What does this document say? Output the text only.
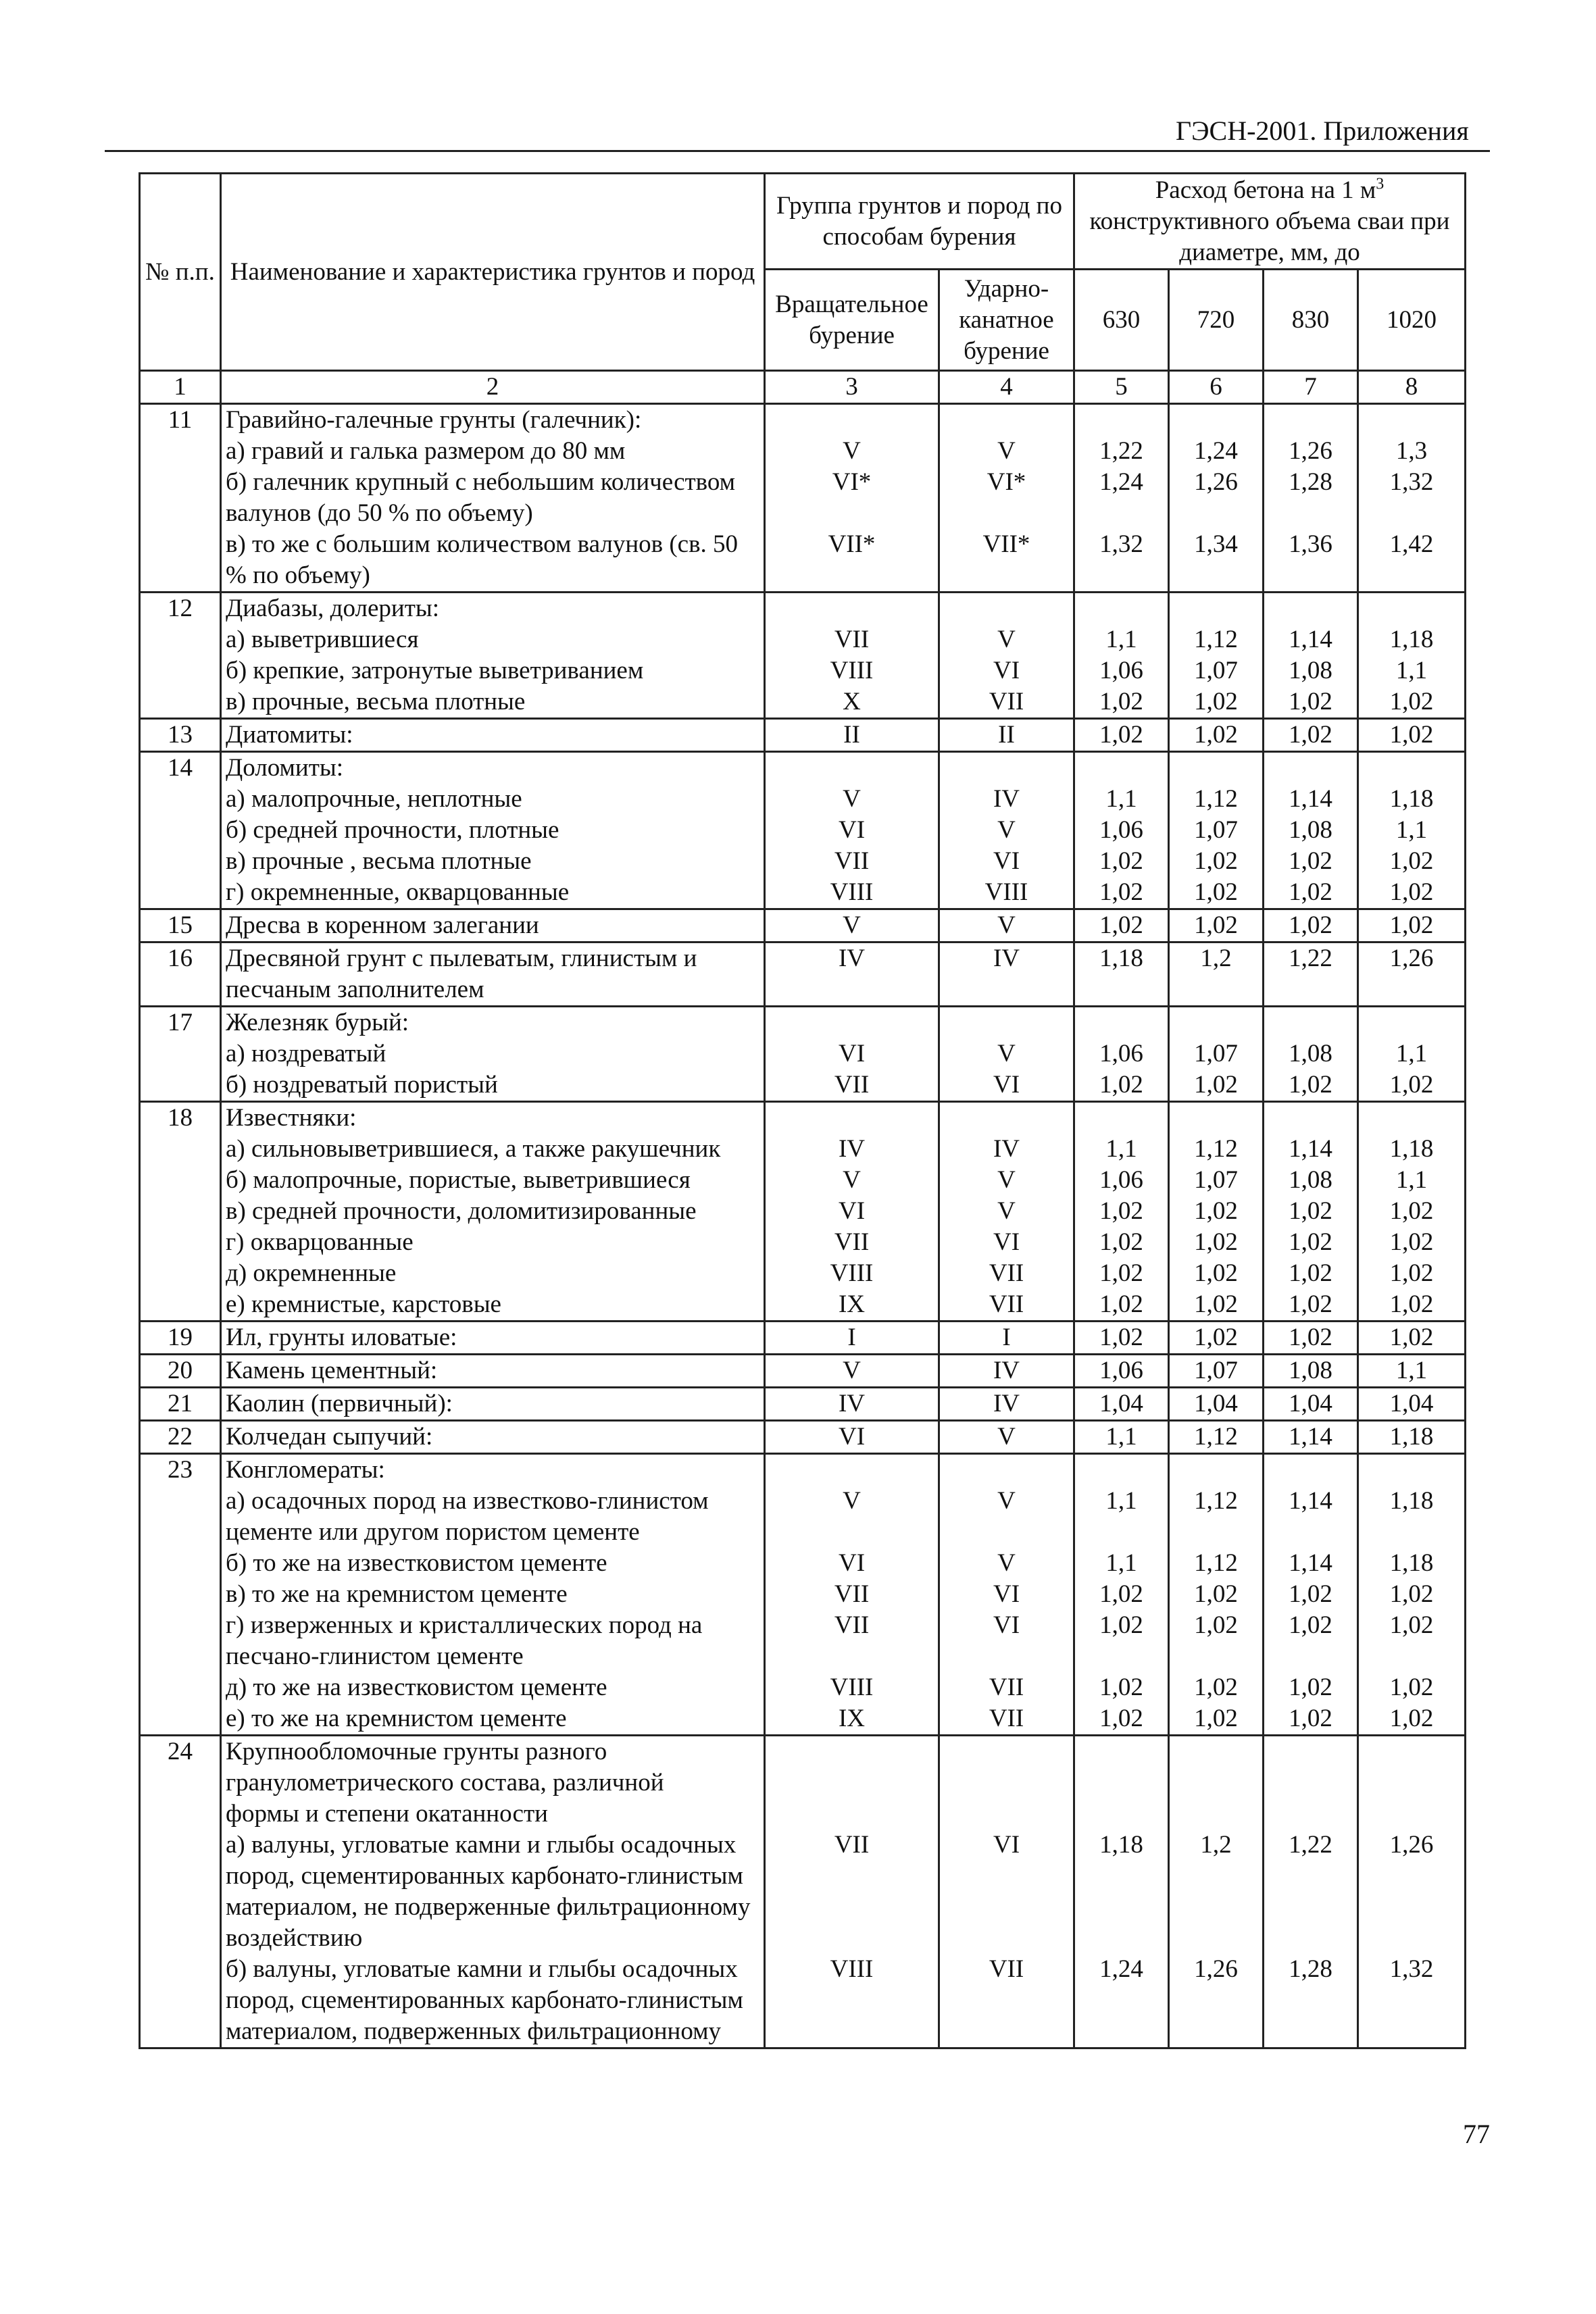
ГЭСН-2001. Приложения
№ п.п.	Наименование и характеристика грунтов и пород	Группа грунтов и пород по способам бурения		Расход бетона на 1 $м^3$ конструктивного объема сваи при диаметре, мм, до			
		Вращательное бурение	Ударно-канатное бурение	630	720	830	1020
1	2	3	4	5	6	7	8
11	Гравийно-галечные грунты (галечник):						
	а) гравий и галька размером до 80 мм	V	V	1,22	1,24	1,26	1,3
	б) галечник крупный с небольшим количеством валунов (до 50 % по объему)	VI*	VI*	1,24	1,26	1,28	1,32
	в) то же с большим количеством валунов (св. 50 % по объему)	VII*	VII*	1,32	1,34	1,36	1,42
12	Диабазы, долериты:						
	а) выветрившиеся	VII	V	1,1	1,12	1,14	1,18
	б) крепкие, затронутые выветриванием	VIII	VI	1,06	1,07	1,08	1,1
	в) прочные, весьма плотные	X	VII	1,02	1,02	1,02	1,02
13	Диатомиты:	II	II	1,02	1,02	1,02	1,02
14	Доломиты:						
	а) малопрочные, неплотные	V	IV	1,1	1,12	1,14	1,18
	б) средней прочности, плотные	VI	V	1,06	1,07	1,08	1,1
	в) прочные , весьма плотные	VII	VI	1,02	1,02	1,02	1,02
	г) окремненные, окварцованные	VIII	VIII	1,02	1,02	1,02	1,02
15	Дресва в коренном залегании	V	V	1,02	1,02	1,02	1,02
16	Дресвяной грунт с пылеватым, глинистым и песчаным заполнителем	IV	IV	1,18	1,2	1,22	1,26
17	Железняк бурый:						
	а) ноздреватый	VI	V	1,06	1,07	1,08	1,1
	б) ноздреватый пористый	VII	VI	1,02	1,02	1,02	1,02
18	Известняки:						
	а) сильновыветрившиеся, а также ракушечник	IV	IV	1,1	1,12	1,14	1,18
	б) малопрочные, пористые, выветрившиеся	V	V	1,06	1,07	1,08	1,1
	в) средней прочности, доломитизированные	VI	V	1,02	1,02	1,02	1,02
	г) окварцованные	VII	VI	1,02	1,02	1,02	1,02
	д) окремненные	VIII	VII	1,02	1,02	1,02	1,02
	е) кремнистые, карстовые	IX	VII	1,02	1,02	1,02	1,02
19	Ил, грунты иловатые:	I	I	1,02	1,02	1,02	1,02
20	Камень цементный:	V	IV	1,06	1,07	1,08	1,1
21	Каолин (первичный):	IV	IV	1,04	1,04	1,04	1,04
22	Колчедан сыпучий:	VI	V	1,1	1,12	1,14	1,18
23	Конгломераты:						
	а) осадочных пород на известково-глинистом цементе или другом пористом цементе	V	V	1,1	1,12	1,14	1,18
	б) то же на известковистом цементе	VI	V	1,1	1,12	1,14	1,18
	в) то же на кремнистом цементе	VII	VI	1,02	1,02	1,02	1,02
	г) изверженных и кристаллических пород на песчано-глинистом цементе	VII	VI	1,02	1,02	1,02	1,02
	д) то же на известковистом цементе	VIII	VII	1,02	1,02	1,02	1,02
	е) то же на кремнистом цементе	IX	VII	1,02	1,02	1,02	1,02
24	Крупнообломочные грунты разного гранулометрического состава, различной						
	формы и степени окатанности						
	а) валуны, угловатые камни и глыбы осадочных пород, сцементированных карбонато-глинистым материалом, не подверженные фильтрационному воздействию	VII	VI	1,18	1,2	1,22	1,26
	б) валуны, угловатые камни и глыбы осадочных пород, сцементированных карбонато-глинистым материалом, подверженных фильтрационному	VIII	VII	1,24	1,26	1,28	1,32
77
